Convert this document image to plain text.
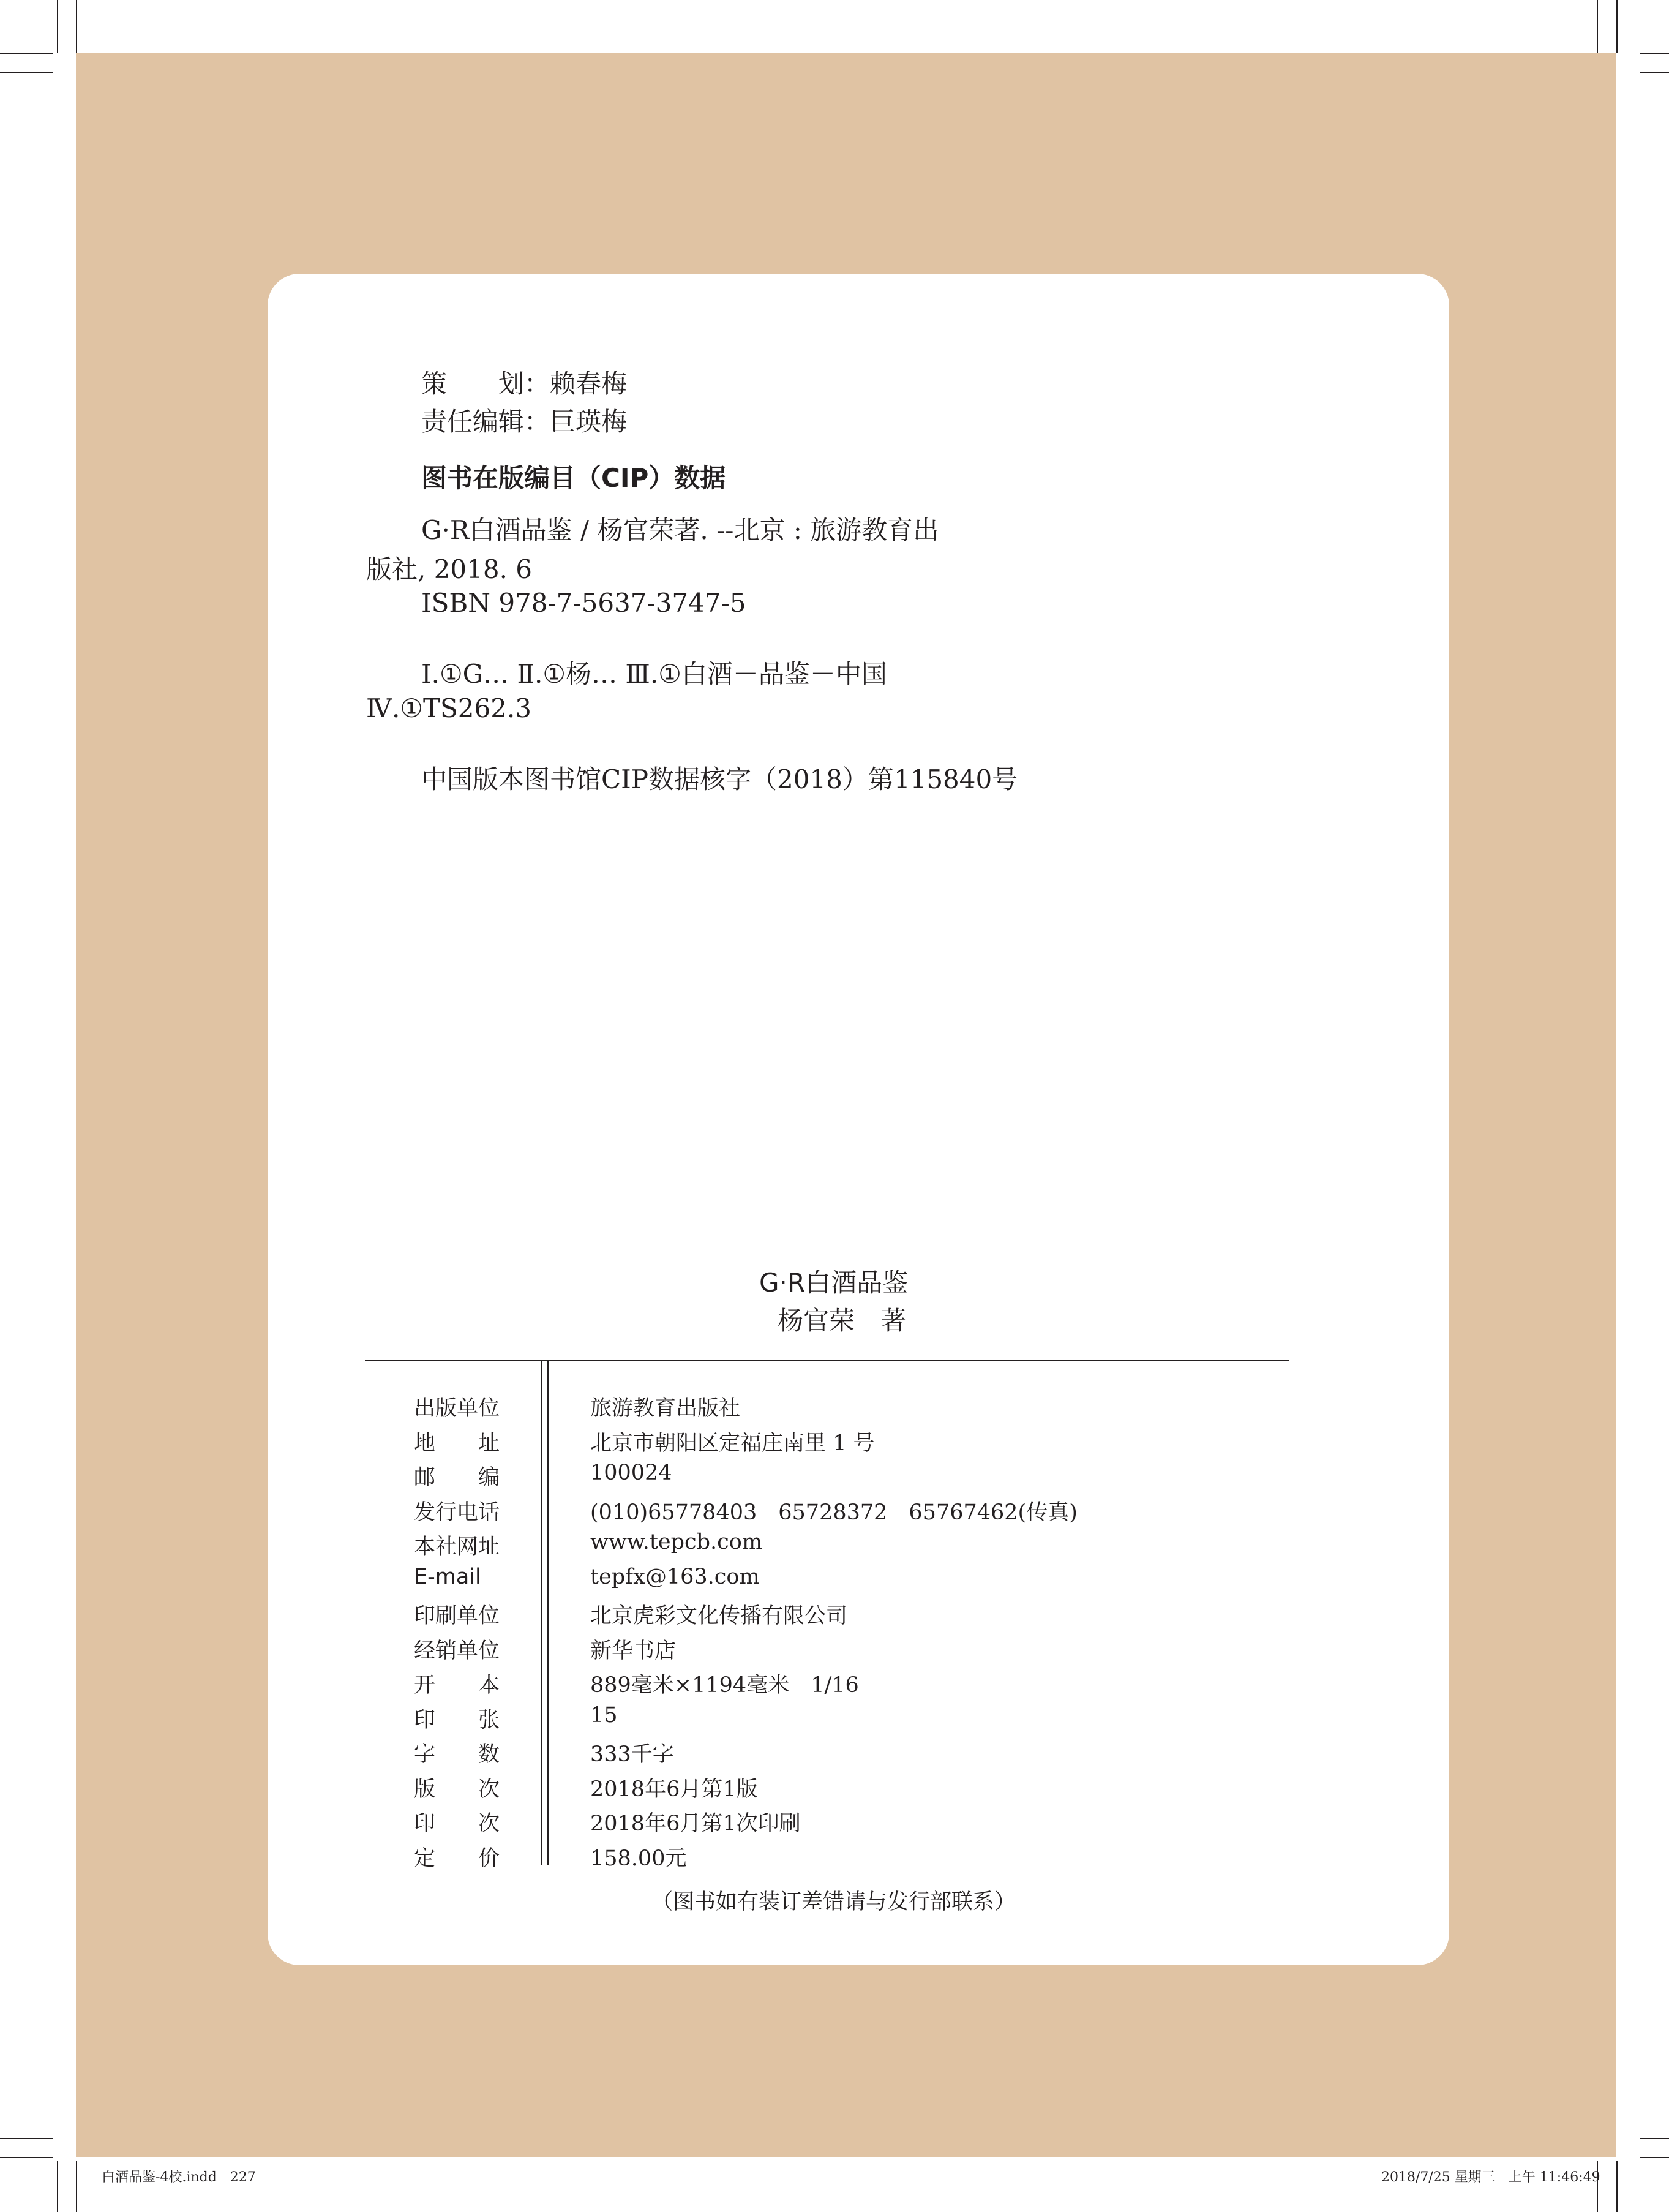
策　　划：赖春梅
责任编辑：巨瑛梅
图书在版编目（CIP）数据
G·R白酒品鉴 / 杨官荣著. --北京 : 旅游教育出
版社, 2018. 6
ISBN 978-7-5637-3747-5
Ⅰ.①G… Ⅱ.①杨… Ⅲ.①白酒－品鉴－中国
Ⅳ.①TS262.3
中国版本图书馆CIP数据核字（2018）第115840号
G·R白酒品鉴
杨官荣　著
出版单位	旅游教育出版社
地　　址	北京市朝阳区定福庄南里 1 号
邮　　编	100024
发行电话	(010)65778403　65728372　65767462(传真)
本社网址	www.tepcb.com
E-mail	tepfx@163.com
印刷单位	北京虎彩文化传播有限公司
经销单位	新华书店
开　　本	889毫米×1194毫米　1/16
印　　张	15
字　　数	333千字
版　　次	2018年6月第1版
印　　次	2018年6月第1次印刷
定　　价	158.00元
（图书如有装订差错请与发行部联系）
白酒品鉴-4校.indd　227	2018/7/25 星期三　上午 11:46:49
